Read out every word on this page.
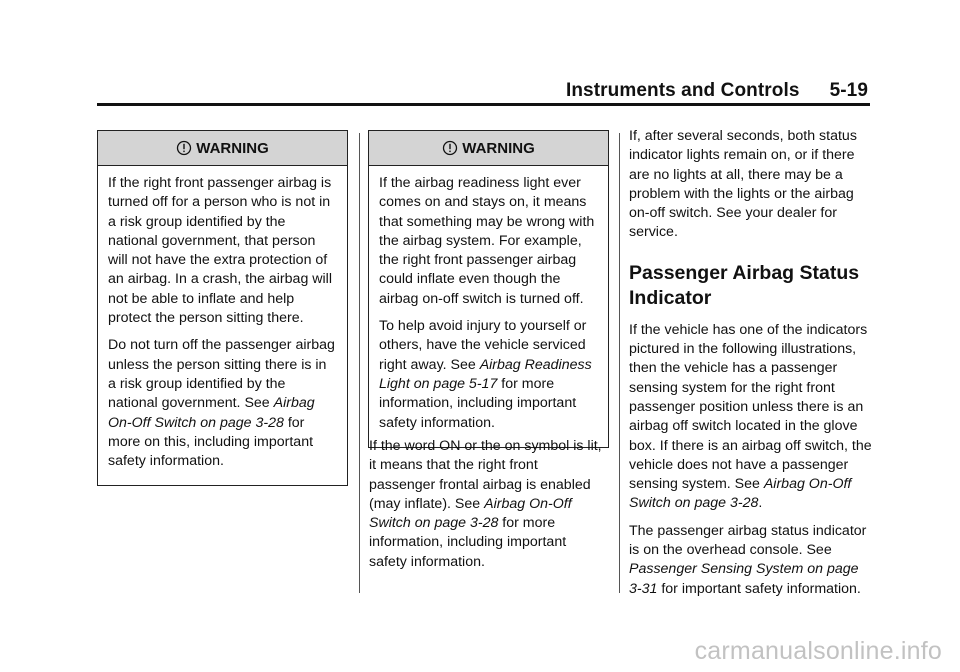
Instruments and Controls 5-19
WARNING

If the right front passenger airbag is turned off for a person who is not in a risk group identified by the national government, that person will not have the extra protection of an airbag. In a crash, the airbag will not be able to inflate and help protect the person sitting there.

Do not turn off the passenger airbag unless the person sitting there is in a risk group identified by the national government. See Airbag On-Off Switch on page 3-28 for more on this, including important safety information.

WARNING

If the airbag readiness light ever comes on and stays on, it means that something may be wrong with the airbag system. For example, the right front passenger airbag could inflate even though the airbag on-off switch is turned off.

To help avoid injury to yourself or others, have the vehicle serviced right away. See Airbag Readiness Light on page 5-17 for more information, including important safety information.

If the word ON or the on symbol is lit, it means that the right front passenger frontal airbag is enabled (may inflate). See Airbag On-Off Switch on page 3-28 for more information, including important safety information.

If, after several seconds, both status indicator lights remain on, or if there are no lights at all, there may be a problem with the lights or the airbag on-off switch. See your dealer for service.

Passenger Airbag Status Indicator

If the vehicle has one of the indicators pictured in the following illustrations, then the vehicle has a passenger sensing system for the right front passenger position unless there is an airbag off switch located in the glove box. If there is an airbag off switch, the vehicle does not have a passenger sensing system. See Airbag On-Off Switch on page 3-28.

The passenger airbag status indicator is on the overhead console. See Passenger Sensing System on page 3-31 for important safety information.

carmanualsonline.info
